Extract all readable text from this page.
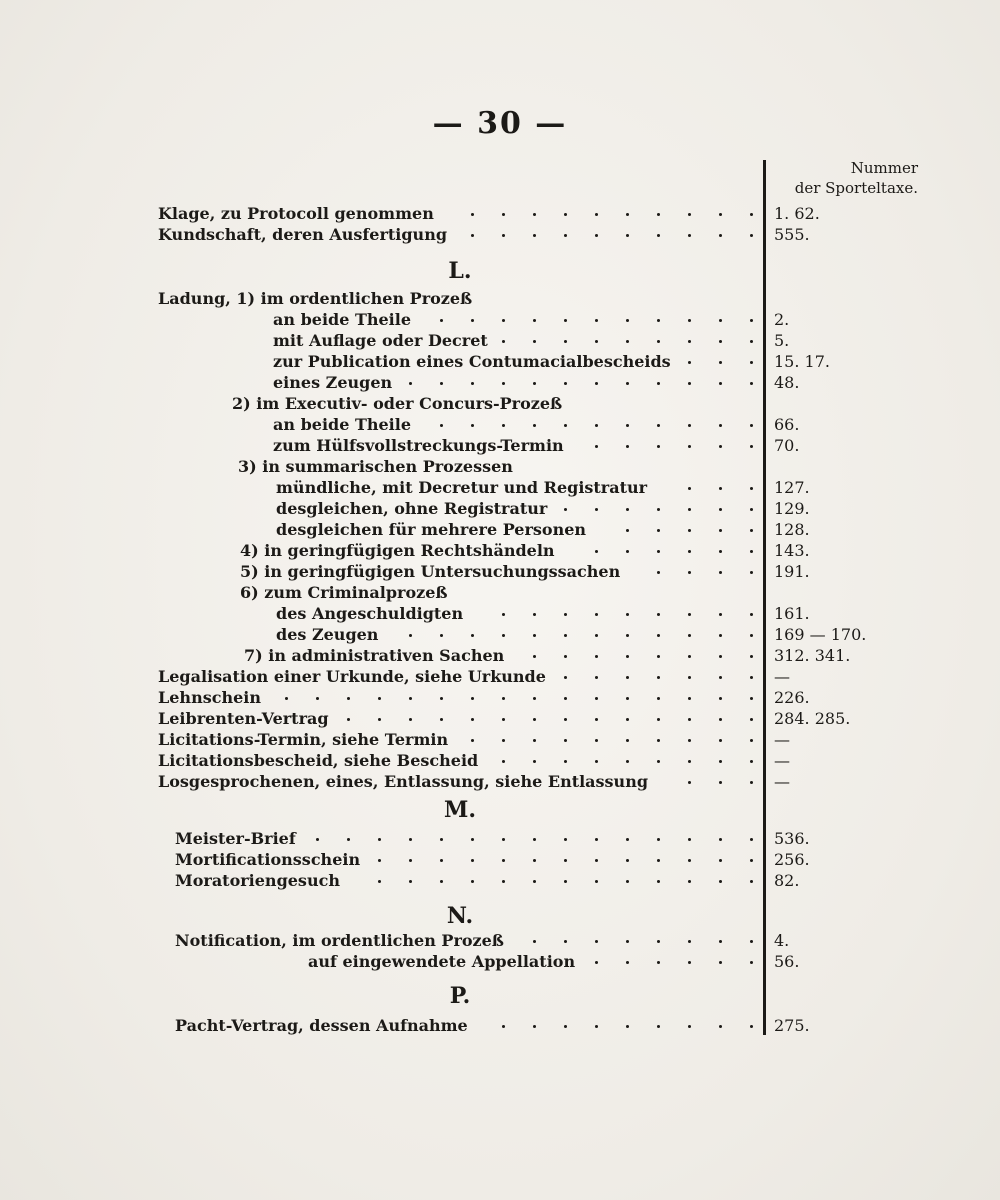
— 30 —
Nummer
der Sporteltaxe.
Klage, zu Protocoll genommen	1. 62.
Kundschaft, deren Ausfertigung	555.
Ladung, 1) im ordentlichen Prozeß
an beide Theile	2.
mit Auflage oder Decret	5.
zur Publication eines Contumacialbescheids	15. 17.
eines Zeugen	48.
2) im Executiv- oder Concurs-Prozeß
an beide Theile	66.
zum Hülfsvollstreckungs-Termin	70.
3) in summarischen Prozessen
mündliche, mit Decretur und Registratur	127.
desgleichen, ohne Registratur	129.
desgleichen für mehrere Personen	128.
4) in geringfügigen Rechtshändeln	143.
5) in geringfügigen Untersuchungssachen	191.
6) zum Criminalprozeß
des Angeschuldigten	161.
des Zeugen	169 — 170.
7) in administrativen Sachen	312. 341.
Legalisation einer Urkunde, siehe Urkunde	—
Lehnschein	226.
Leibrenten-Vertrag	284. 285.
Licitations-Termin, siehe Termin	—
Licitationsbescheid, siehe Bescheid	—
Losgesprochenen, eines, Entlassung, siehe Entlassung	—
Meister-Brief	536.
Mortificationsschein	256.
Moratoriengesuch	82.
Notification, im ordentlichen Prozeß	4.
auf eingewendete Appellation	56.
Pacht-Vertrag, dessen Aufnahme	275.
L.
M.
N.
P.
